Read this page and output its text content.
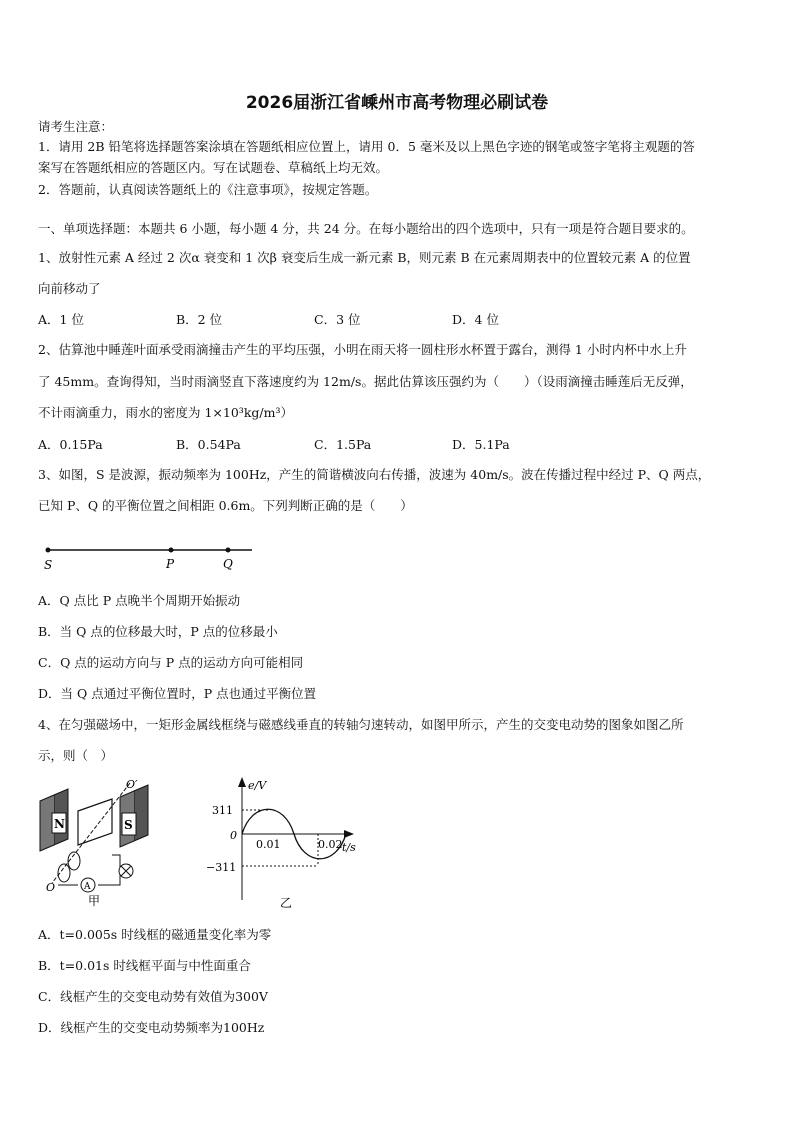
2026届浙江省嵊州市高考物理必刷试卷
请考生注意：
1．请用 2B 铅笔将选择题答案涂填在答题纸相应位置上，请用 0．5 毫米及以上黑色字迹的钢笔或签字笔将主观题的答
案写在答题纸相应的答题区内。写在试题卷、草稿纸上均无效。
2．答题前，认真阅读答题纸上的《注意事项》，按规定答题。
一、单项选择题：本题共 6 小题，每小题 4 分，共 24 分。在每小题给出的四个选项中，只有一项是符合题目要求的。
1、放射性元素 A 经过 2 次α 衰变和 1 次β 衰变后生成一新元素 B，则元素 B 在元素周期表中的位置较元素 A 的位置
向前移动了
A．1 位	B．2 位	C．3 位	D．4 位
2、估算池中睡莲叶面承受雨滴撞击产生的平均压强，小明在雨天将一圆柱形水杯置于露台，测得 1 小时内杯中水上升
了 45mm。查询得知，当时雨滴竖直下落速度约为 12m/s。据此估算该压强约为（　　）（设雨滴撞击睡莲后无反弹，
不计雨滴重力，雨水的密度为 1×10³kg/m³）
A．0.15Pa	B．0.54Pa	C．1.5Pa	D．5.1Pa
3、如图，S 是波源，振动频率为 100Hz，产生的简谐横波向右传播，波速为 40m/s。波在传播过程中经过 P、Q 两点，
已知 P、Q 的平衡位置之间相距 0.6m。下列判断正确的是（　　）
S	P	Q
A．Q 点比 P 点晚半个周期开始振动
B．当 Q 点的位移最大时，P 点的位移最小
C．Q 点的运动方向与 P 点的运动方向可能相同
D．当 Q 点通过平衡位置时，P 点也通过平衡位置
4、在匀强磁场中，一矩形金属线框绕与磁感线垂直的转轴匀速转动，如图甲所示，产生的交变电动势的图象如图乙所
示，则（　）
O′
N	S
A
O
甲
e/V
t/s
311
0
−311
0.01	0.02
乙
A．t=0.005s 时线框的磁通量变化率为零
B．t=0.01s 时线框平面与中性面重合
C．线框产生的交变电动势有效值为300V
D．线框产生的交变电动势频率为100Hz
